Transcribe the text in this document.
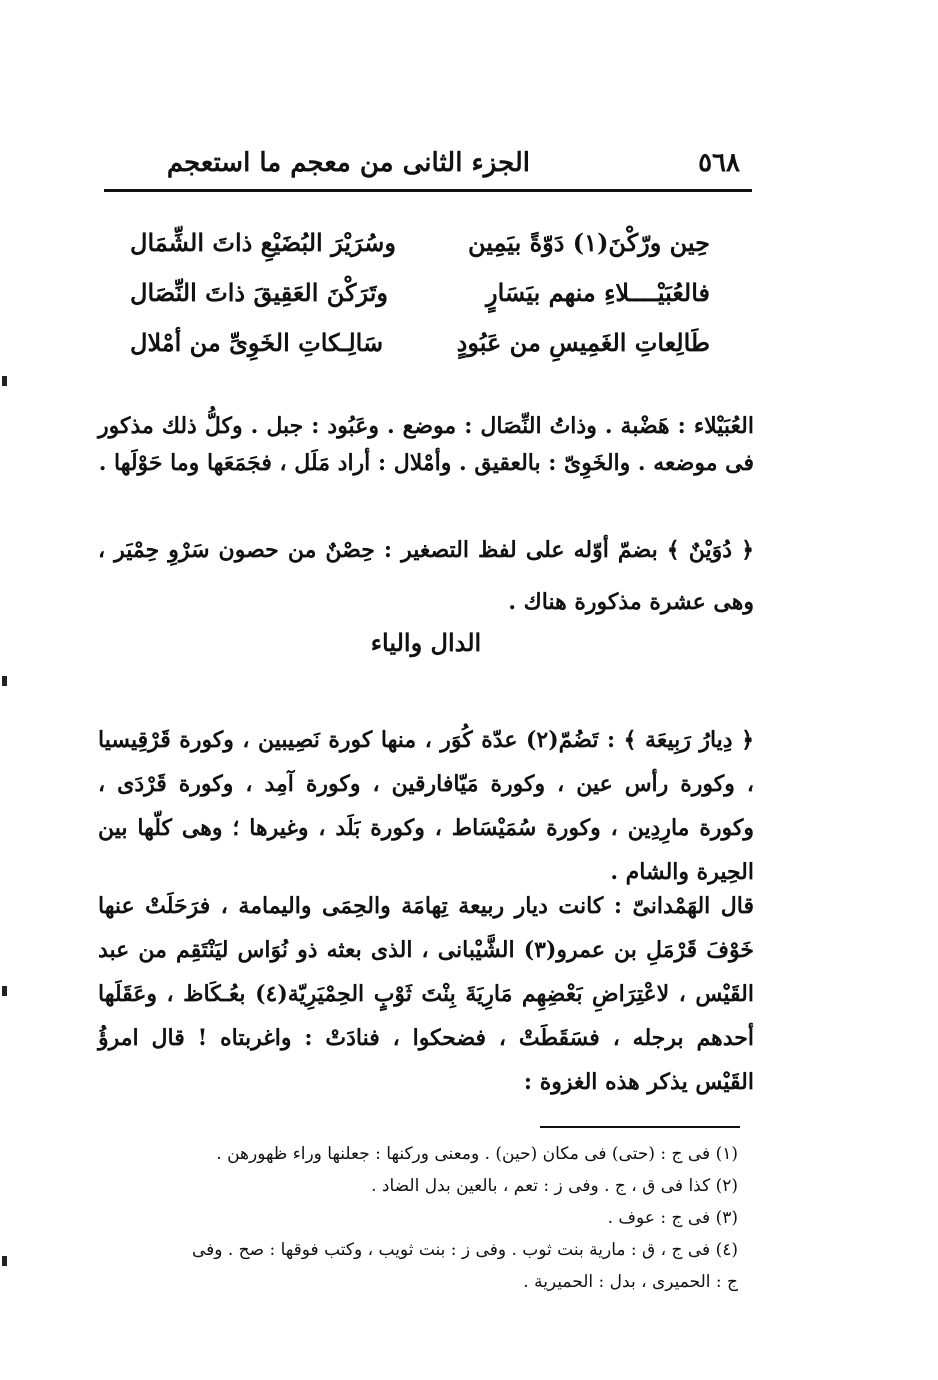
٥٦٨
الجزء الثانى من معجم ما استعجم
حِين ورّكْنَ(١) دَوّةً بيَمِين
وسُرَيْرَ البُضَيْعِ ذاتَ الشِّمَال
فالعُبَيْــــلاءِ منهم بيَسَارٍ
وتَرَكْنَ العَقِيقَ ذاتَ النِّصَال
طَالِعاتِ الغَمِيسِ من عَبُودٍ
سَالِـكاتِ الخَوِىِّ من أمْلال

العُبَيْلاء : هَضْبة . وذاتُ النِّصَال : موضع . وعَبُود : جبل . وكلُّ ذلك مذكور فى موضعه . والخَوِىّ : بالعقيق . وأمْلال : أراد مَلَل ، فجَمَعَها وما حَوْلَها .

﴿ دُوَيْنٌ ﴾ بضمّ أوّله على لفظ التصغير : حِصْنٌ من حصون سَرْوِ حِمْيَر ، وهى عشرة مذكورة هناك .

الدال والياء

﴿ دِيارُ رَبِيعَة ﴾ : تَضُمّ(٢) عدّة كُوَر ، منها كورة نَصِيبين ، وكورة قَرْقِيسيا ، وكورة رأس عين ، وكورة مَيّافارقين ، وكورة آمِد ، وكورة قَرْدَى ، وكورة مارِدِين ، وكورة سُمَيْسَاط ، وكورة بَلَد ، وغيرها ؛ وهى كلّها بين الحِيرة والشام .

قال الهَمْدانىّ : كانت ديار ربيعة تِهامَة والحِمَى واليمامة ، فرَحَلَتْ عنها خَوْفَ قَرْمَلِ بن عمرو(٣) الشَّيْبانى ، الذى بعثه ذو نُوَاس ليَنْتَقِم من عبد القَيْس ، لاعْتِرَاضِ بَعْضِهِم مَارِيَةَ بِنْتَ ثَوْبٍ الحِمْيَرِيّة(٤) بعُـكَاظ ، وعَقَلَها أحدهم برجله ، فسَقَطَتْ ، فضحكوا ، فنادَتْ : واغربتاه ! قال امرؤُ القَيْس يذكر هذه الغزوة :

(١) فى ج : (حتى) فى مكان (حين) . ومعنى وركنها : جعلنها وراء ظهورهن .
(٢) كذا فى ق ، ج . وفى ز : تعم ، بالعين بدل الضاد .
(٣) فى ج : عوف .
(٤) فى ج ، ق : مارية بنت ثوب . وفى ز : بنت ثويب ، وكتب فوقها : صح . وفى
ج : الحميرى ، بدل : الحميرية .
